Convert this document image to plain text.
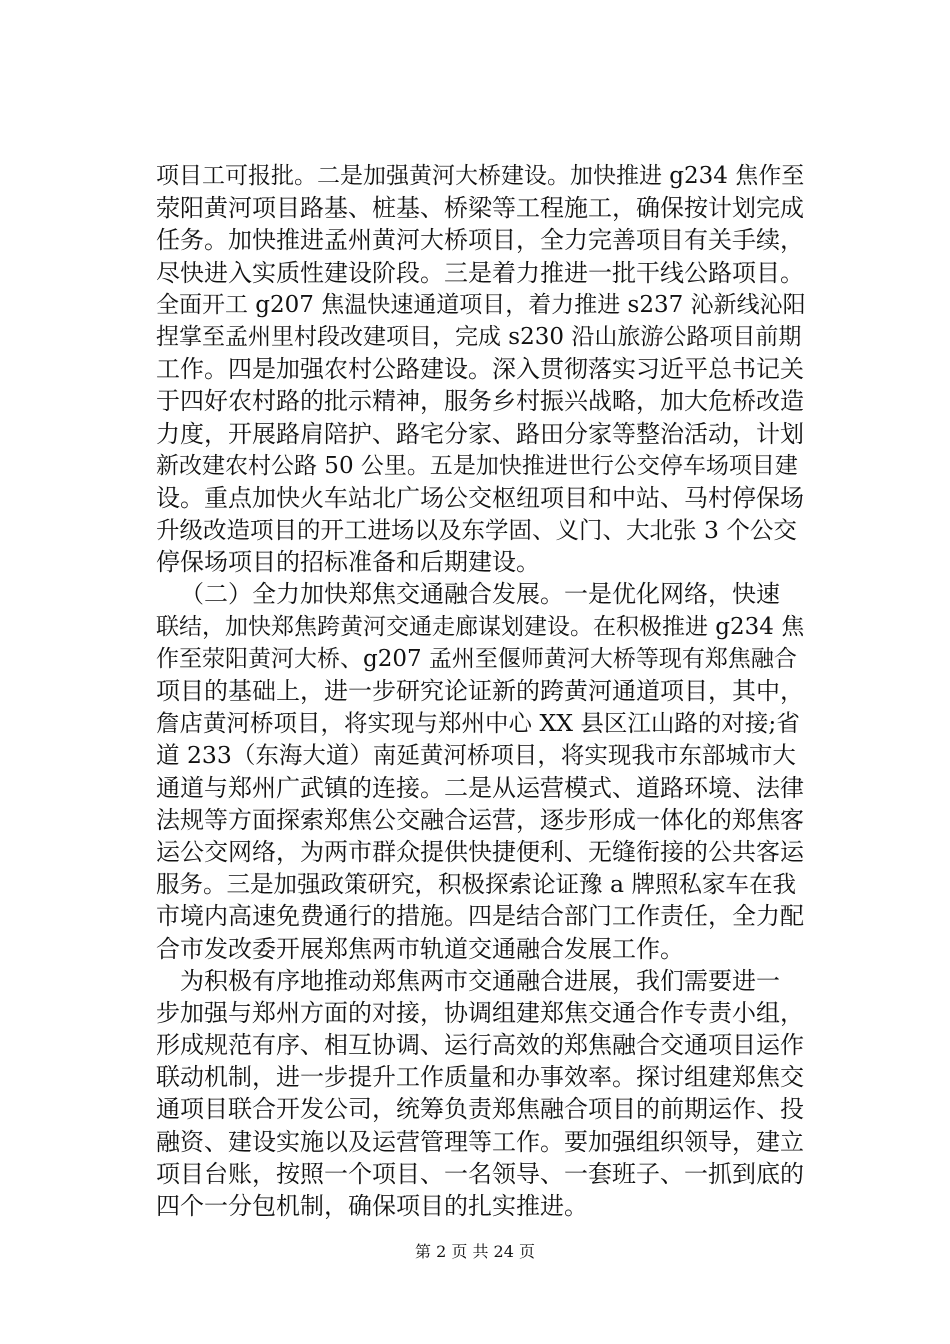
项目工可报批。二是加强黄河大桥建设。加快推进 g234 焦作至
荥阳黄河项目路基、桩基、桥梁等工程施工，确保按计划完成
任务。加快推进孟州黄河大桥项目，全力完善项目有关手续，
尽快进入实质性建设阶段。三是着力推进一批干线公路项目。
全面开工 g207 焦温快速通道项目，着力推进 s237 沁新线沁阳
捏掌至孟州里村段改建项目，完成 s230 沿山旅游公路项目前期
工作。四是加强农村公路建设。深入贯彻落实习近平总书记关
于四好农村路的批示精神，服务乡村振兴战略，加大危桥改造
力度，开展路肩陪护、路宅分家、路田分家等整治活动，计划
新改建农村公路 50 公里。五是加快推进世行公交停车场项目建
设。重点加快火车站北广场公交枢纽项目和中站、马村停保场
升级改造项目的开工进场以及东学固、义门、大北张 3 个公交
停保场项目的招标准备和后期建设。
（二）全力加快郑焦交通融合发展。一是优化网络，快速
联结，加快郑焦跨黄河交通走廊谋划建设。在积极推进 g234 焦
作至荥阳黄河大桥、g207 孟州至偃师黄河大桥等现有郑焦融合
项目的基础上，进一步研究论证新的跨黄河通道项目，其中，
詹店黄河桥项目，将实现与郑州中心 XX 县区江山路的对接;省
道 233（东海大道）南延黄河桥项目，将实现我市东部城市大
通道与郑州广武镇的连接。二是从运营模式、道路环境、法律
法规等方面探索郑焦公交融合运营，逐步形成一体化的郑焦客
运公交网络，为两市群众提供快捷便利、无缝衔接的公共客运
服务。三是加强政策研究，积极探索论证豫 a 牌照私家车在我
市境内高速免费通行的措施。四是结合部门工作责任，全力配
合市发改委开展郑焦两市轨道交通融合发展工作。
为积极有序地推动郑焦两市交通融合进展，我们需要进一
步加强与郑州方面的对接，协调组建郑焦交通合作专责小组，
形成规范有序、相互协调、运行高效的郑焦融合交通项目运作
联动机制，进一步提升工作质量和办事效率。探讨组建郑焦交
通项目联合开发公司，统筹负责郑焦融合项目的前期运作、投
融资、建设实施以及运营管理等工作。要加强组织领导，建立
项目台账，按照一个项目、一名领导、一套班子、一抓到底的
四个一分包机制，确保项目的扎实推进。
第 2 页 共 24 页
